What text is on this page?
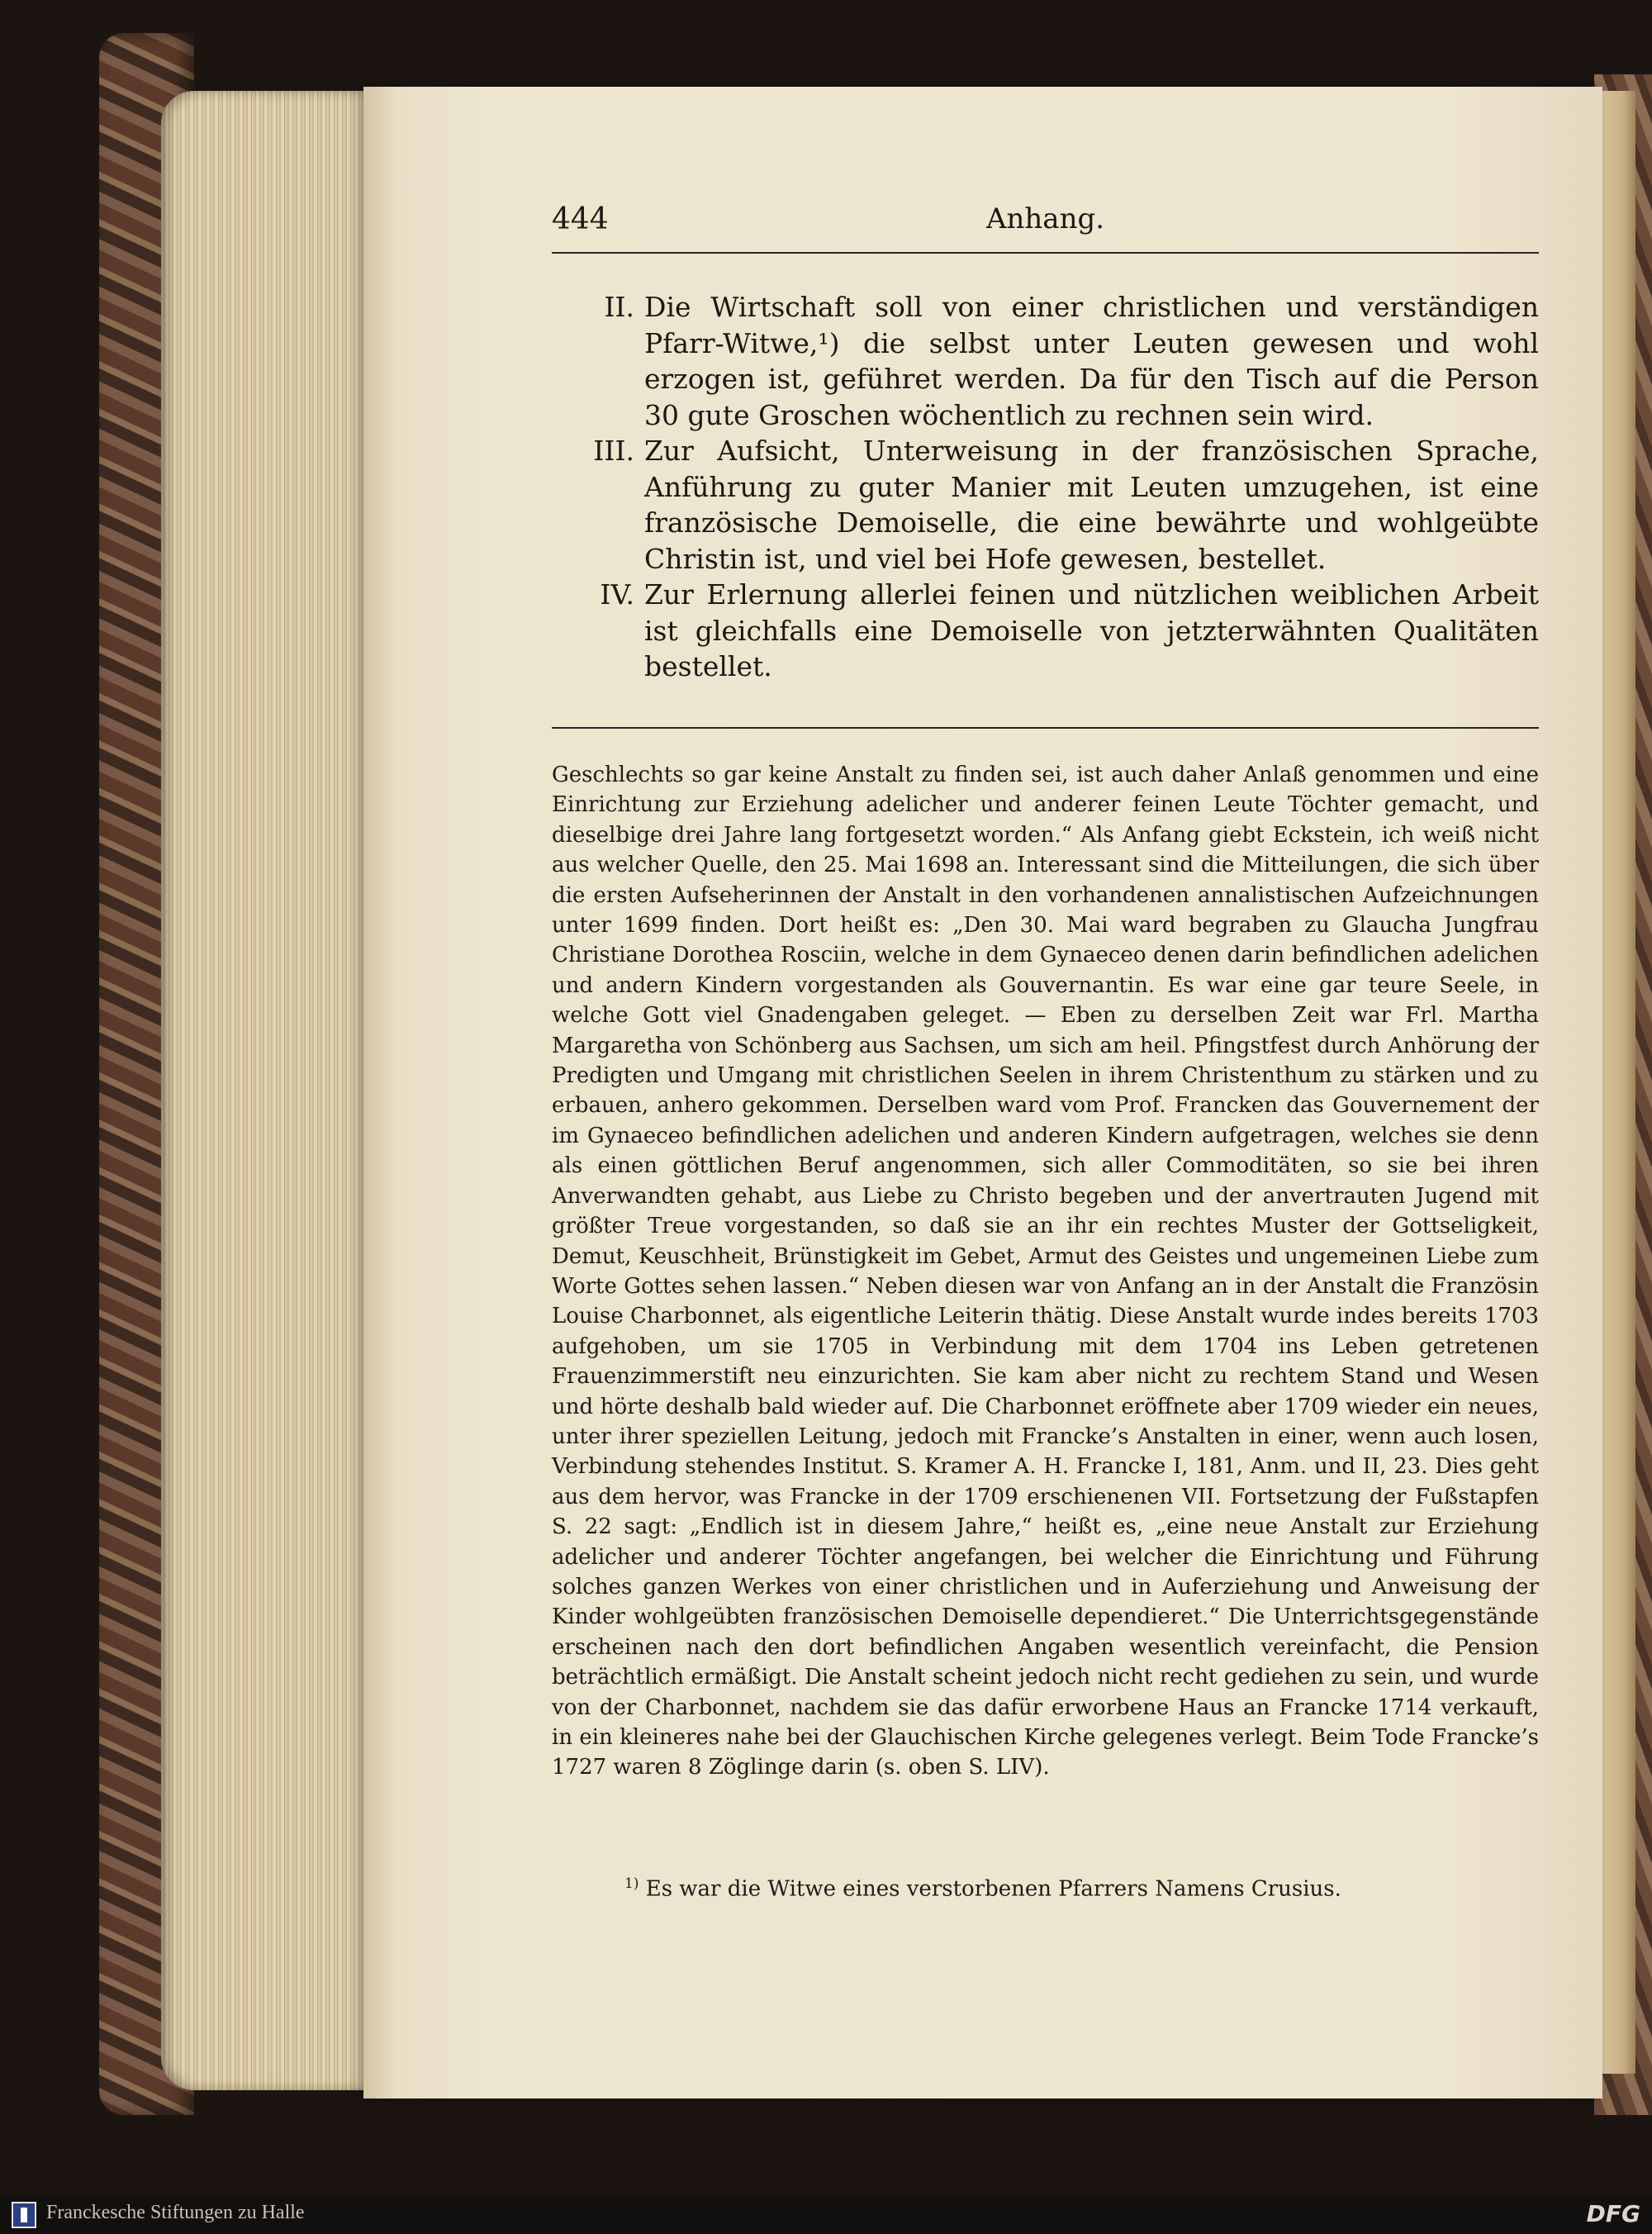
444	Anhang.
II. Die Wirtschaft soll von einer christlichen und verständigen Pfarr-Witwe,¹) die selbst unter Leuten gewesen und wohl erzogen ist, geführet werden. Da für den Tisch auf die Person 30 gute Groschen wöchentlich zu rechnen sein wird.
III. Zur Aufsicht, Unterweisung in der französischen Sprache, Anführung zu guter Manier mit Leuten umzugehen, ist eine französische Demoiselle, die eine bewährte und wohlgeübte Christin ist, und viel bei Hofe gewesen, bestellet.
IV. Zur Erlernung allerlei feinen und nützlichen weiblichen Arbeit ist gleichfalls eine Demoiselle von jetzterwähnten Qualitäten bestellet.
Geschlechts so gar keine Anstalt zu finden sei, ist auch daher Anlaß genommen und eine Einrichtung zur Erziehung adelicher und anderer feinen Leute Töchter gemacht, und dieselbige drei Jahre lang fortgesetzt worden.“ Als Anfang giebt Eckstein, ich weiß nicht aus welcher Quelle, den 25. Mai 1698 an. Interessant sind die Mitteilungen, die sich über die ersten Aufseherinnen der Anstalt in den vorhandenen annalistischen Aufzeichnungen unter 1699 finden. Dort heißt es: „Den 30. Mai ward begraben zu Glaucha Jungfrau Christiane Dorothea Rosciin, welche in dem Gynaeceo denen darin befindlichen adelichen und andern Kindern vorgestanden als Gouvernantin. Es war eine gar teure Seele, in welche Gott viel Gnadengaben geleget. — Eben zu derselben Zeit war Frl. Martha Margaretha von Schönberg aus Sachsen, um sich am heil. Pfingstfest durch Anhörung der Predigten und Umgang mit christlichen Seelen in ihrem Christenthum zu stärken und zu erbauen, anhero gekommen. Derselben ward vom Prof. Francken das Gouvernement der im Gynaeceo befindlichen adelichen und anderen Kindern aufgetragen, welches sie denn als einen göttlichen Beruf angenommen, sich aller Commoditäten, so sie bei ihren Anverwandten gehabt, aus Liebe zu Christo begeben und der anvertrauten Jugend mit größter Treue vorgestanden, so daß sie an ihr ein rechtes Muster der Gottseligkeit, Demut, Keuschheit, Brünstigkeit im Gebet, Armut des Geistes und ungemeinen Liebe zum Worte Gottes sehen lassen.“ Neben diesen war von Anfang an in der Anstalt die Französin Louise Charbonnet, als eigentliche Leiterin thätig. Diese Anstalt wurde indes bereits 1703 aufgehoben, um sie 1705 in Verbindung mit dem 1704 ins Leben getretenen Frauenzimmerstift neu einzurichten. Sie kam aber nicht zu rechtem Stand und Wesen und hörte deshalb bald wieder auf. Die Charbonnet eröffnete aber 1709 wieder ein neues, unter ihrer speziellen Leitung, jedoch mit Francke’s Anstalten in einer, wenn auch losen, Verbindung stehendes Institut. S. Kramer A. H. Francke I, 181, Anm. und II, 23. Dies geht aus dem hervor, was Francke in der 1709 erschienenen VII. Fortsetzung der Fußstapfen S. 22 sagt: „Endlich ist in diesem Jahre,“ heißt es, „eine neue Anstalt zur Erziehung adelicher und anderer Töchter angefangen, bei welcher die Einrichtung und Führung solches ganzen Werkes von einer christlichen und in Auferziehung und Anweisung der Kinder wohlgeübten französischen Demoiselle dependieret.“ Die Unterrichtsgegenstände erscheinen nach den dort befindlichen Angaben wesentlich vereinfacht, die Pension beträchtlich ermäßigt. Die Anstalt scheint jedoch nicht recht gediehen zu sein, und wurde von der Charbonnet, nachdem sie das dafür erworbene Haus an Francke 1714 verkauft, in ein kleineres nahe bei der Glauchischen Kirche gelegenes verlegt. Beim Tode Francke’s 1727 waren 8 Zöglinge darin (s. oben S. LIV).
$^{1)}$ Es war die Witwe eines verstorbenen Pfarrers Namens Crusius.
Franckesche Stiftungen zu Halle	DFG
